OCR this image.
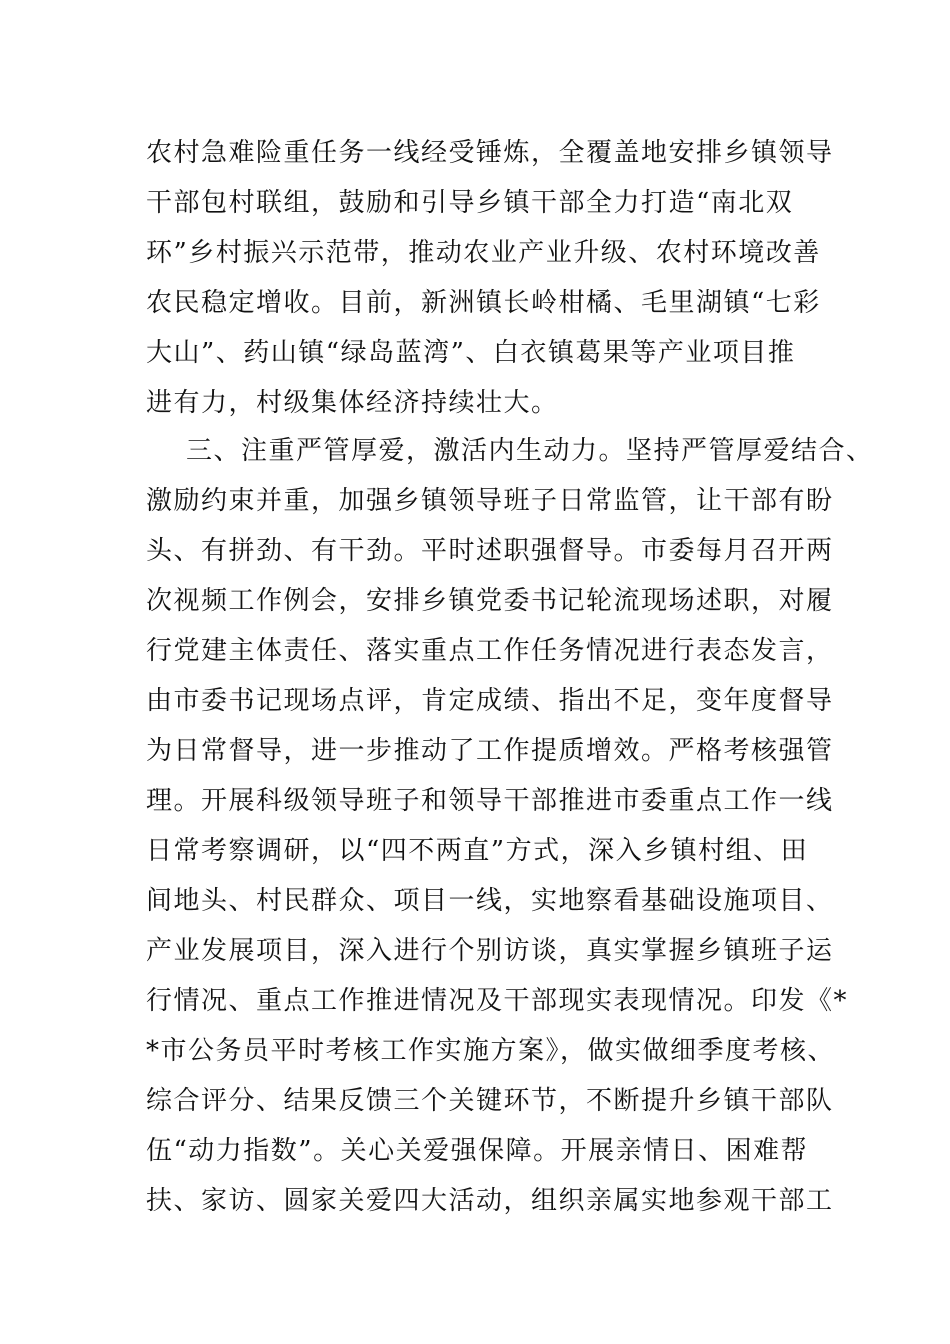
农村急难险重任务一线经受锤炼，全覆盖地安排乡镇领导
干部包村联组，鼓励和引导乡镇干部全力打造“南北双
环”乡村振兴示范带，推动农业产业升级、农村环境改善
农民稳定增收。目前，新洲镇长岭柑橘、毛里湖镇“七彩
大山”、药山镇“绿岛蓝湾”、白衣镇葛果等产业项目推
进有力，村级集体经济持续壮大。
三、注重严管厚爱，激活内生动力。坚持严管厚爱结合、
激励约束并重，加强乡镇领导班子日常监管，让干部有盼
头、有拼劲、有干劲。平时述职强督导。市委每月召开两
次视频工作例会，安排乡镇党委书记轮流现场述职，对履
行党建主体责任、落实重点工作任务情况进行表态发言，
由市委书记现场点评，肯定成绩、指出不足，变年度督导
为日常督导，进一步推动了工作提质增效。严格考核强管
理。开展科级领导班子和领导干部推进市委重点工作一线
日常考察调研，以“四不两直”方式，深入乡镇村组、田
间地头、村民群众、项目一线，实地察看基础设施项目、
产业发展项目，深入进行个别访谈，真实掌握乡镇班子运
行情况、重点工作推进情况及干部现实表现情况。印发《*
*市公务员平时考核工作实施方案》，做实做细季度考核、
综合评分、结果反馈三个关键环节，不断提升乡镇干部队
伍“动力指数”。关心关爱强保障。开展亲情日、困难帮
扶、家访、圆家关爱四大活动，组织亲属实地参观干部工
